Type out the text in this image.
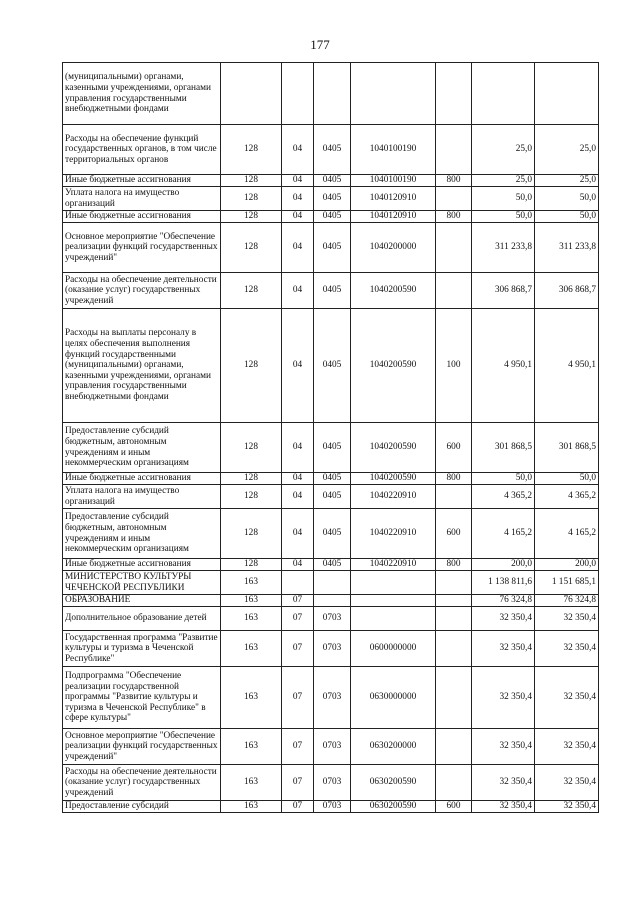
177
(муниципальными) органами, казенными учреждениями, органами управления государственными внебюджетными фондами							
Расходы на обеспечение функций государственных органов, в том числе территориальных органов	128	04	0405	1040100190		25,0	25,0
Иные бюджетные ассигнования	128	04	0405	1040100190	800	25,0	25,0
Уплата налога на имущество организаций	128	04	0405	1040120910		50,0	50,0
Иные бюджетные ассигнования	128	04	0405	1040120910	800	50,0	50,0
Основное мероприятие "Обеспечение реализации функций государственных учреждений"	128	04	0405	1040200000		311 233,8	311 233,8
Расходы на обеспечение деятельности (оказание услуг) государственных учреждений	128	04	0405	1040200590		306 868,7	306 868,7
Расходы на выплаты персоналу в целях обеспечения выполнения функций государственными (муниципальными) органами, казенными учреждениями, органами управления государственными внебюджетными фондами	128	04	0405	1040200590	100	4 950,1	4 950,1
Предоставление субсидий бюджетным, автономным учреждениям и иным некоммерческим организациям	128	04	0405	1040200590	600	301 868,5	301 868,5
Иные бюджетные ассигнования	128	04	0405	1040200590	800	50,0	50,0
Уплата налога на имущество организаций	128	04	0405	1040220910		4 365,2	4 365,2
Предоставление субсидий бюджетным, автономным учреждениям и иным некоммерческим организациям	128	04	0405	1040220910	600	4 165,2	4 165,2
Иные бюджетные ассигнования	128	04	0405	1040220910	800	200,0	200,0
МИНИСТЕРСТВО КУЛЬТУРЫ ЧЕЧЕНСКОЙ РЕСПУБЛИКИ	163					1 138 811,6	1 151 685,1
ОБРАЗОВАНИЕ	163	07				76 324,8	76 324,8
Дополнительное образование детей	163	07	0703			32 350,4	32 350,4
Государственная программа "Развитие культуры и туризма в Чеченской Республике"	163	07	0703	0600000000		32 350,4	32 350,4
Подпрограмма "Обеспечение реализации государственной программы "Развитие культуры и туризма в Чеченской Республике" в сфере культуры"	163	07	0703	0630000000		32 350,4	32 350,4
Основное мероприятие "Обеспечение реализации функций государственных учреждений"	163	07	0703	0630200000		32 350,4	32 350,4
Расходы на обеспечение деятельности (оказание услуг) государственных учреждений	163	07	0703	0630200590		32 350,4	32 350,4
Предоставление субсидий	163	07	0703	0630200590	600	32 350,4	32 350,4
